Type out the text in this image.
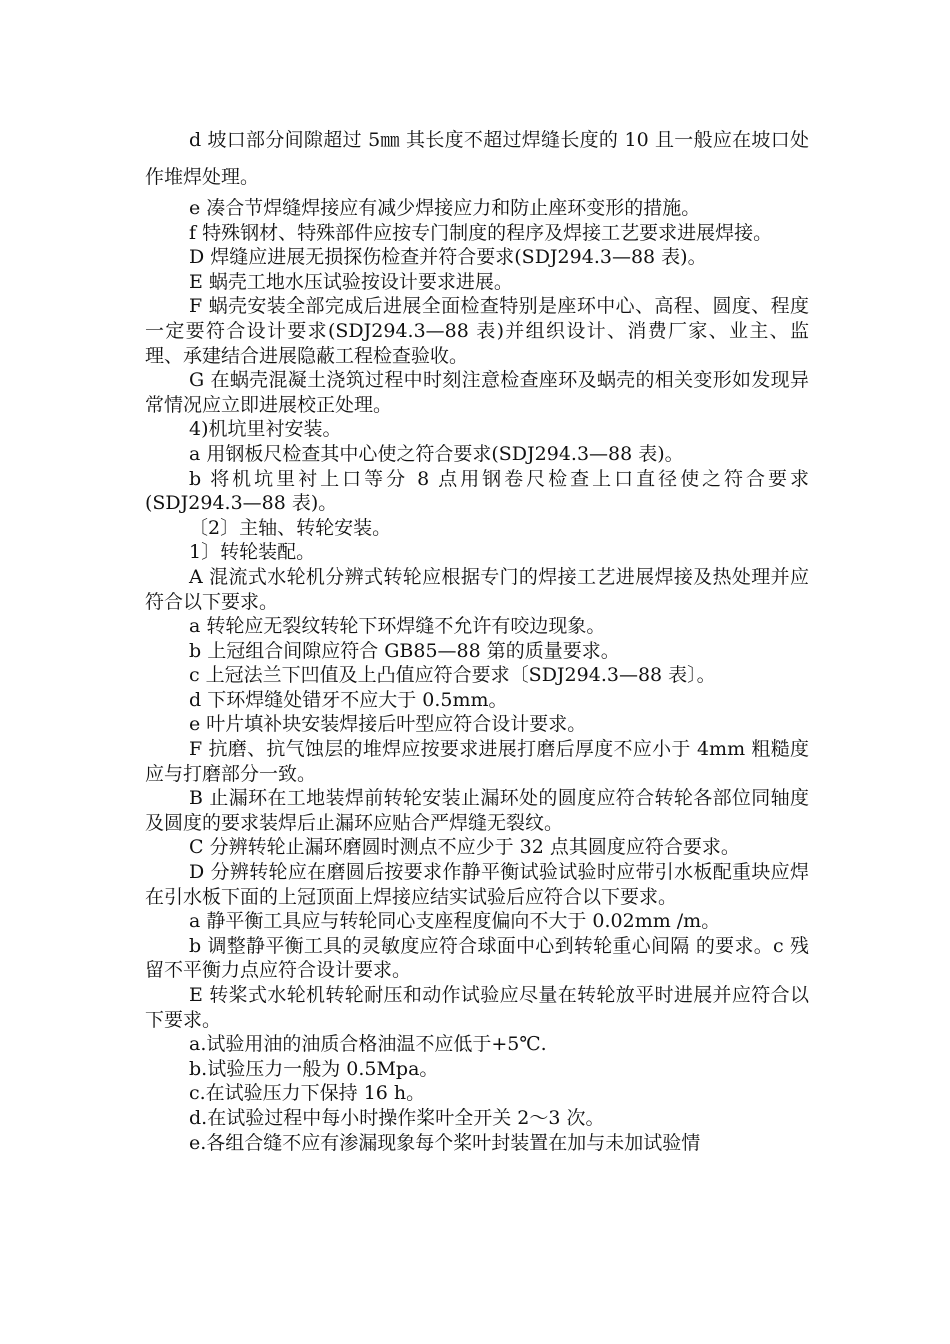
d 坡口部分间隙超过 5㎜ 其长度不超过焊缝长度的 10 且一般应在坡口处作堆焊处理。

e 凑合节焊缝焊接应有减少焊接应力和防止座环变形的措施。

f 特殊钢材、特殊部件应按专门制度的程序及焊接工艺要求进展焊接。

D 焊缝应进展无损探伤检查并符合要求(SDJ294.3—88 表)。

E 蜗壳工地水压试验按设计要求进展。

F 蜗壳安装全部完成后进展全面检查特别是座环中心、高程、圆度、程度一定要符合设计要求(SDJ294.3—88 表)并组织设计、消费厂家、业主、监理、承建结合进展隐蔽工程检查验收。

G 在蜗壳混凝土浇筑过程中时刻注意检查座环及蜗壳的相关变形如发现异常情况应立即进展校正处理。

4)机坑里衬安装。

a 用钢板尺检查其中心使之符合要求(SDJ294.3—88 表)。

b 将机坑里衬上口等分 8 点用钢卷尺检查上口直径使之符合要求(SDJ294.3—88 表)。

〔2〕主轴、转轮安装。

1〕转轮装配。

A 混流式水轮机分辨式转轮应根据专门的焊接工艺进展焊接及热处理并应符合以下要求。

a 转轮应无裂纹转轮下环焊缝不允许有咬边现象。

b 上冠组合间隙应符合 GB85—88 第的质量要求。

c 上冠法兰下凹值及上凸值应符合要求〔SDJ294.3—88 表〕。

d 下环焊缝处错牙不应大于 0.5mm。

e 叶片填补块安装焊接后叶型应符合设计要求。

F 抗磨、抗气蚀层的堆焊应按要求进展打磨后厚度不应小于 4mm 粗糙度应与打磨部分一致。

B 止漏环在工地装焊前转轮安装止漏环处的圆度应符合转轮各部位同轴度及圆度的要求装焊后止漏环应贴合严焊缝无裂纹。

C 分辨转轮止漏环磨圆时测点不应少于 32 点其圆度应符合要求。

D 分辨转轮应在磨圆后按要求作静平衡试验试验时应带引水板配重块应焊在引水板下面的上冠顶面上焊接应结实试验后应符合以下要求。

a 静平衡工具应与转轮同心支座程度偏向不大于 0.02mm /m。

b 调整静平衡工具的灵敏度应符合球面中心到转轮重心间隔 的要求。c 残留不平衡力点应符合设计要求。

E 转桨式水轮机转轮耐压和动作试验应尽量在转轮放平时进展并应符合以下要求。

a.试验用油的油质合格油温不应低于+5℃.

b.试验压力一般为 0.5Mpa。

c.在试验压力下保持 16 h。

d.在试验过程中每小时操作桨叶全开关 2～3 次。

e.各组合缝不应有渗漏现象每个桨叶封装置在加与未加试验情
